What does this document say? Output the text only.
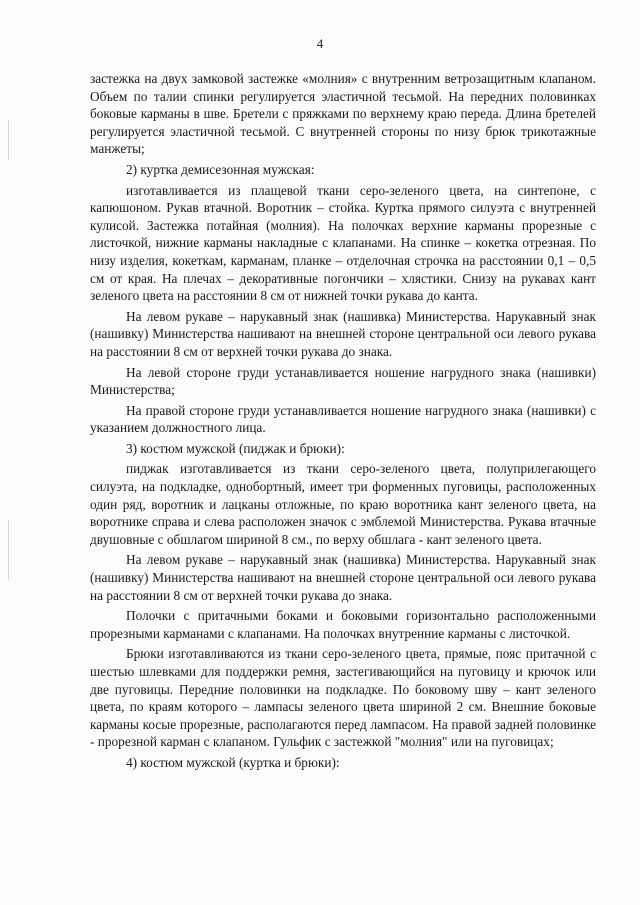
4

застежка на двух замковой застежке «молния» с внутренним ветрозащитным клапаном. Объем по талии спинки регулируется эластичной тесьмой. На передних половинках боковые карманы в шве. Бретели с пряжками по верхнему краю переда. Длина бретелей регулируется эластичной тесьмой. С внутренней стороны по низу брюк трикотажные манжеты;

2) куртка демисезонная мужская:

изготавливается из плащевой ткани серо-зеленого цвета, на синтепоне, с капюшоном. Рукав втачной. Воротник – стойка. Куртка прямого силуэта с внутренней кулисой. Застежка потайная (молния). На полочках верхние карманы прорезные с листочкой, нижние карманы накладные с клапанами. На спинке – кокетка отрезная. По низу изделия, кокеткам, карманам, планке – отделочная строчка на расстоянии 0,1 – 0,5 см от края. На плечах – декоративные погончики – хлястики. Снизу на рукавах кант зеленого цвета на расстоянии 8 см от нижней точки рукава до канта.

На левом рукаве – нарукавный знак (нашивка) Министерства. Нарукавный знак (нашивку) Министерства нашивают на внешней стороне центральной оси левого рукава на расстоянии 8 см от верхней точки рукава до знака.

На левой стороне груди устанавливается ношение нагрудного знака (нашивки) Министерства;

На правой стороне груди устанавливается ношение нагрудного знака (нашивки) с указанием должностного лица.

3) костюм мужской (пиджак и брюки):

пиджак изготавливается из ткани серо-зеленого цвета, полуприлегающего силуэта, на подкладке, однобортный, имеет три форменных пуговицы, расположенных один ряд, воротник и лацканы отложные, по краю воротника кант зеленого цвета, на воротнике справа и слева расположен значок с эмблемой Министерства. Рукава втачные двушовные с обшлагом шириной 8 см., по верху обшлага - кант зеленого цвета.

На левом рукаве – нарукавный знак (нашивка) Министерства. Нарукавный знак (нашивку) Министерства нашивают на внешней стороне центральной оси левого рукава на расстоянии 8 см от верхней точки рукава до знака.

Полочки с притачными боками и боковыми горизонтально расположенными прорезными карманами с клапанами. На полочках внутренние карманы с листочкой.

Брюки изготавливаются из ткани серо-зеленого цвета, прямые, пояс притачной с шестью шлевками для поддержки ремня, застегивающийся на пуговицу и крючок или две пуговицы. Передние половинки на подкладке. По боковому шву – кант зеленого цвета, по краям которого – лампасы зеленого цвета шириной 2 см. Внешние боковые карманы косые прорезные, располагаются перед лампасом. На правой задней половинке - прорезной карман с клапаном. Гульфик с застежкой "молния" или на пуговицах;

4) костюм мужской (куртка и брюки):
